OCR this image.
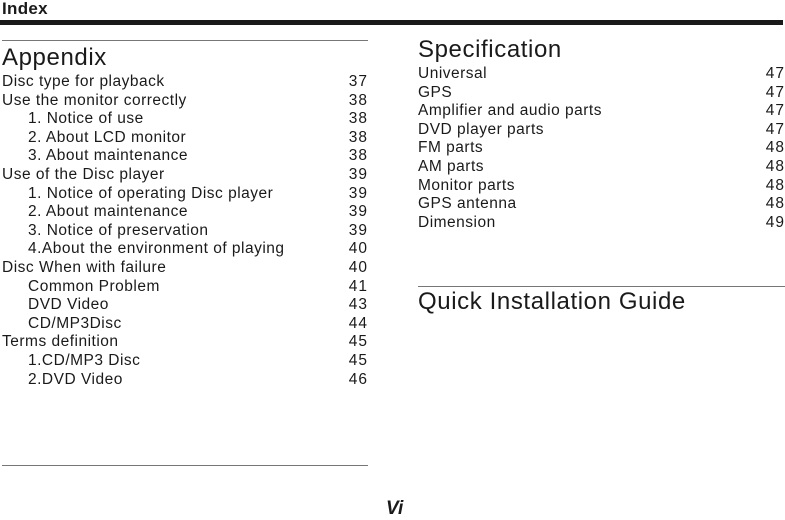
Index
Appendix
Disc type for playback	37
Use the monitor correctly	38
1. Notice of use	38
2. About LCD monitor	38
3. About maintenance	38
Use of the Disc player	39
1. Notice of operating Disc player	39
2. About maintenance	39
3. Notice of preservation	39
4.About the environment of playing	40
Disc When with failure	40
Common Problem	41
DVD Video	43
CD/MP3Disc	44
Terms definition	45
1.CD/MP3 Disc	45
2.DVD Video	46
Specification
Universal	47
GPS	47
Amplifier and audio parts	47
DVD player parts	47
FM parts	48
AM parts	48
Monitor parts	48
GPS antenna	48
Dimension	49
Quick Installation Guide
Vi
